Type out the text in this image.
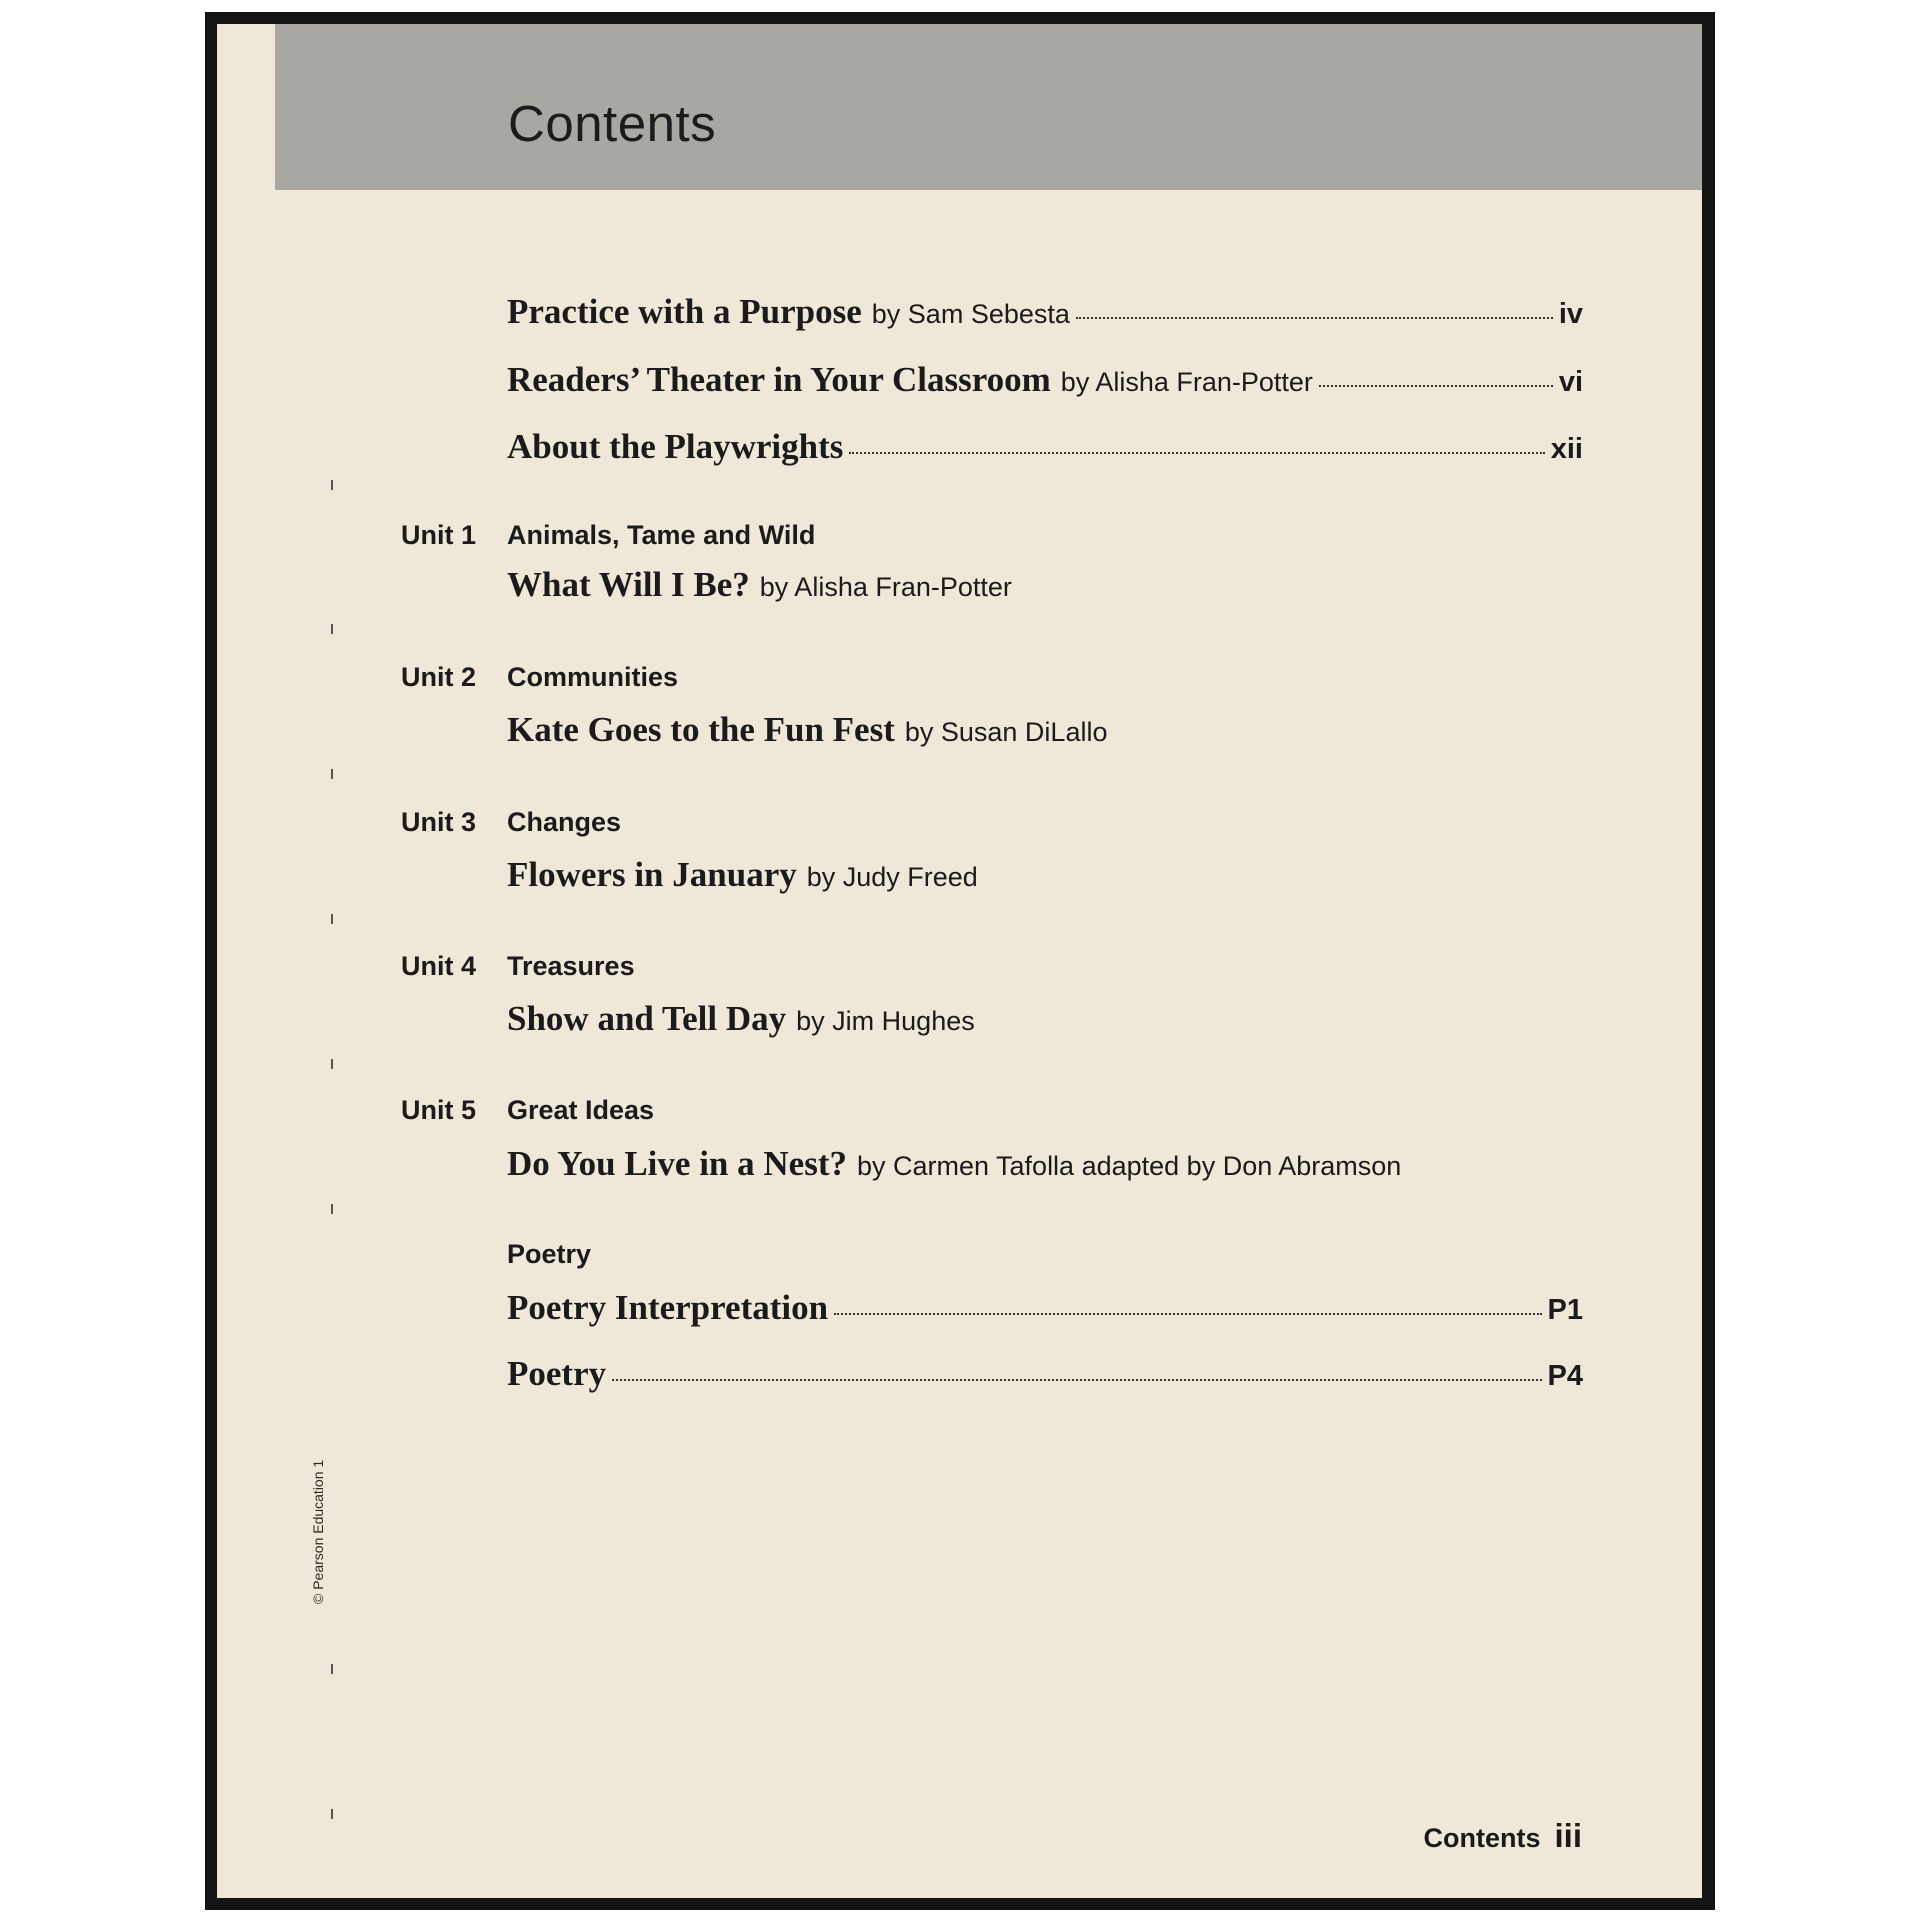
Contents
Practice with a Purpose by Sam Sebesta	iv
Readers’ Theater in Your Classroom by Alisha Fran-Potter	vi
About the Playwrights	xii
Unit 1	Animals, Tame and Wild
What Will I Be? by Alisha Fran-Potter
Unit 2	Communities
Kate Goes to the Fun Fest by Susan DiLallo
Unit 3	Changes
Flowers in January by Judy Freed
Unit 4	Treasures
Show and Tell Day by Jim Hughes
Unit 5	Great Ideas
Do You Live in a Nest? by Carmen Tafolla adapted by Don Abramson
Poetry
Poetry Interpretation	P1
Poetry	P4
© Pearson Education 1
Contents iii
